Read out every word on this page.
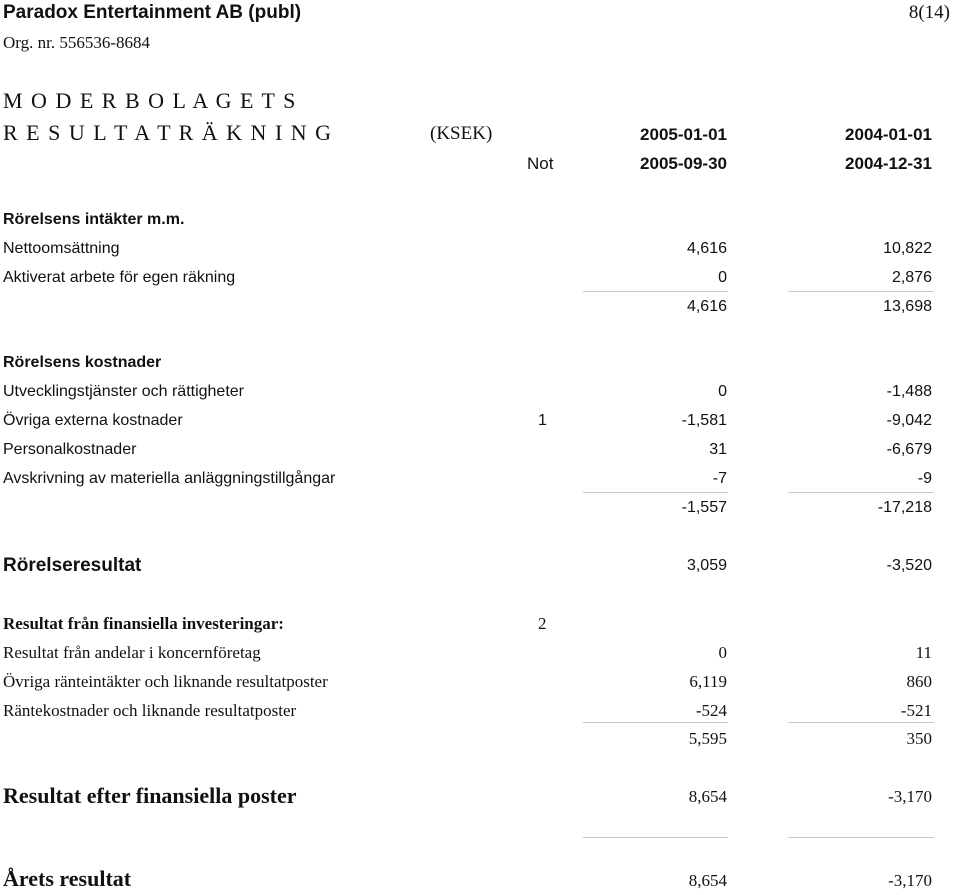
Paradox Entertainment AB (publ)	8(14)
Org. nr. 556536-8684
M O D E R B O L A G E T S
R E S U L T A T R Ä K N I N G	(KSEK)	2005-01-01	2004-01-01
Not	2005-09-30	2004-12-31
Rörelsens intäkter m.m.
Nettoomsättning	4,616	10,822
Aktiverat arbete för egen räkning	0	2,876
4,616	13,698
Rörelsens kostnader
Utvecklingstjänster och rättigheter	0	-1,488
Övriga externa kostnader	1	-1,581	-9,042
Personalkostnader	31	-6,679
Avskrivning av materiella anläggningstillgångar	-7	-9
-1,557	-17,218
Rörelseresultat	3,059	-3,520
Resultat från finansiella investeringar:	2
Resultat från andelar i koncernföretag	0	11
Övriga ränteintäkter och liknande resultatposter	6,119	860
Räntekostnader och liknande resultatposter	-524	-521
5,595	350
Resultat efter finansiella poster	8,654	-3,170
Årets resultat	8,654	-3,170
